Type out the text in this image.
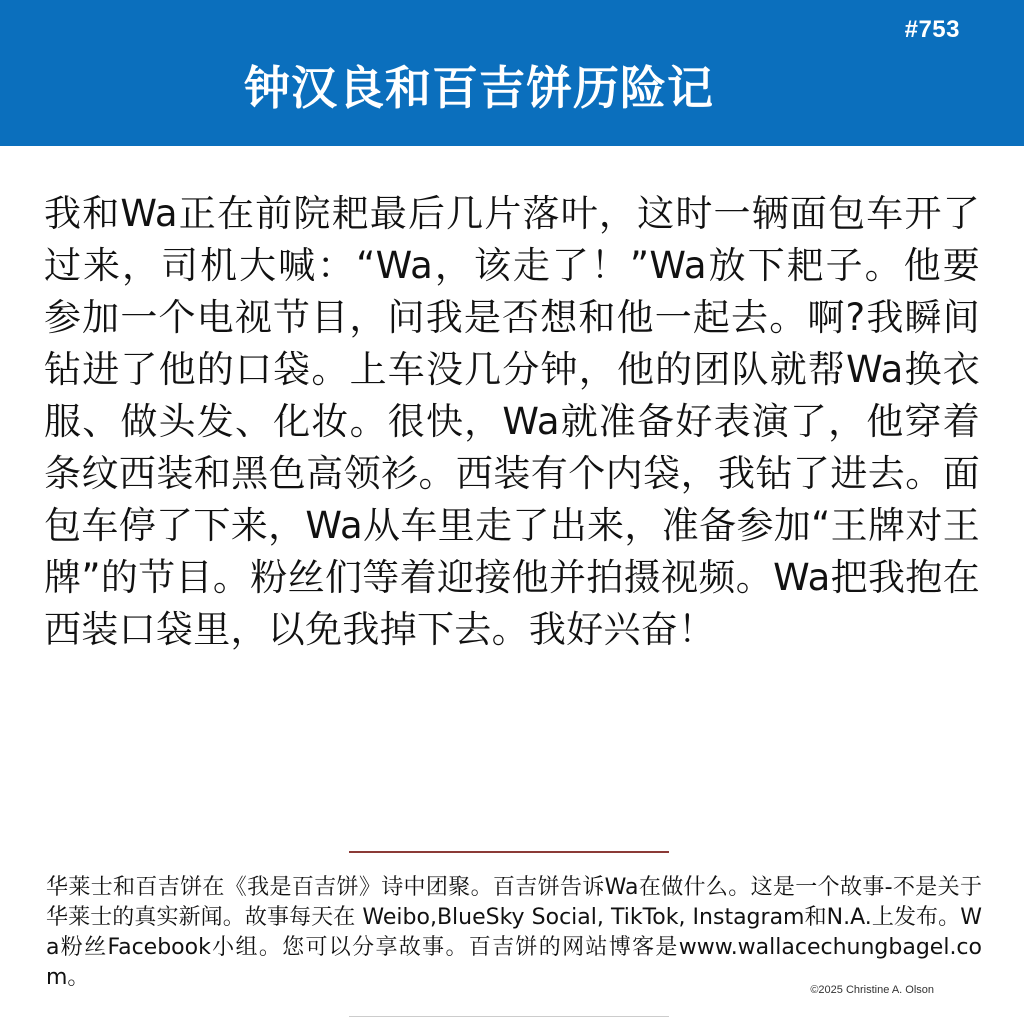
#753
钟汉良和百吉饼历险记

我和Wa正在前院耙最后几片落叶，这时一辆面包车开了过来，司机大喊：“Wa，该走了！”Wa放下耙子。他要参加一个电视节目，问我是否想和他一起去。啊?我瞬间钻进了他的口袋。上车没几分钟，他的团队就帮Wa换衣服、做头发、化妆。很快，Wa就准备好表演了，他穿着条纹西装和黑色高领衫。西装有个内袋，我钻了进去。面包车停了下来，Wa从车里走了出来，准备参加“王牌对王牌”的节目。粉丝们等着迎接他并拍摄视频。Wa把我抱在西装口袋里，以免我掉下去。我好兴奋！

华莱士和百吉饼在《我是百吉饼》诗中团聚。百吉饼告诉Wa在做什么。这是一个故事-不是关于华莱士的真实新闻。故事每天在 Weibo,BlueSky Social, TikTok, Instagram和N.A.上发布。Wa粉丝Facebook小组。您可以分享故事。百吉饼的网站博客是www.wallacechungbagel.com。	©2025 Christine A. Olson
